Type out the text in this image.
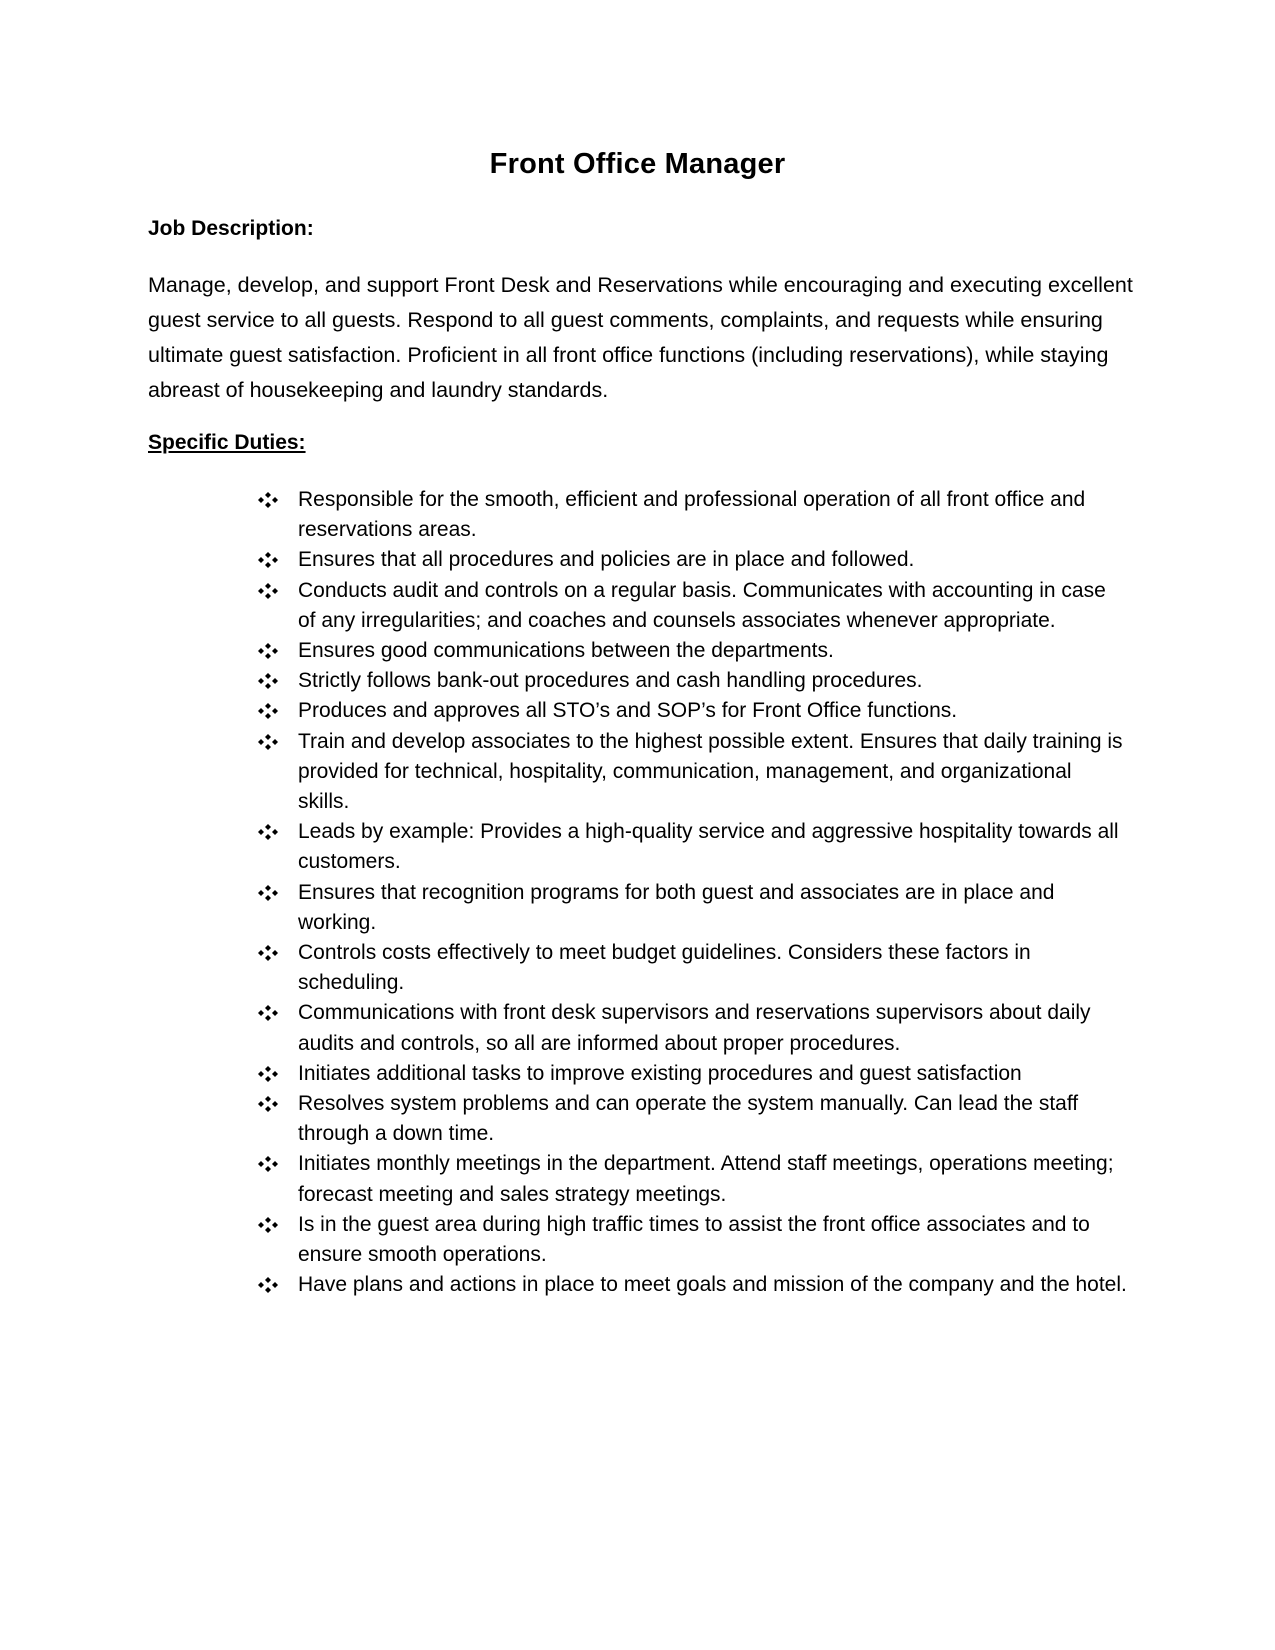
Front Office Manager
Job Description:

Manage, develop, and support Front Desk and Reservations while encouraging and executing excellent guest service to all guests. Respond to all guest comments, complaints, and requests while ensuring ultimate guest satisfaction. Proficient in all front office functions (including reservations), while staying abreast of housekeeping and laundry standards.

Specific Duties:
Responsible for the smooth, efficient and professional operation of all front office and reservations areas.
Ensures that all procedures and policies are in place and followed.
Conducts audit and controls on a regular basis. Communicates with accounting in case of any irregularities; and coaches and counsels associates whenever appropriate.
Ensures good communications between the departments.
Strictly follows bank-out procedures and cash handling procedures.
Produces and approves all STO’s and SOP’s for Front Office functions.
Train and develop associates to the highest possible extent. Ensures that daily training is provided for technical, hospitality, communication, management, and organizational skills.
Leads by example: Provides a high-quality service and aggressive hospitality towards all customers.
Ensures that recognition programs for both guest and associates are in place and working.
Controls costs effectively to meet budget guidelines. Considers these factors in scheduling.
Communications with front desk supervisors and reservations supervisors about daily audits and controls, so all are informed about proper procedures.
Initiates additional tasks to improve existing procedures and guest satisfaction
Resolves system problems and can operate the system manually. Can lead the staff through a down time.
Initiates monthly meetings in the department. Attend staff meetings, operations meeting; forecast meeting and sales strategy meetings.
Is in the guest area during high traffic times to assist the front office associates and to ensure smooth operations.
Have plans and actions in place to meet goals and mission of the company and the hotel.
